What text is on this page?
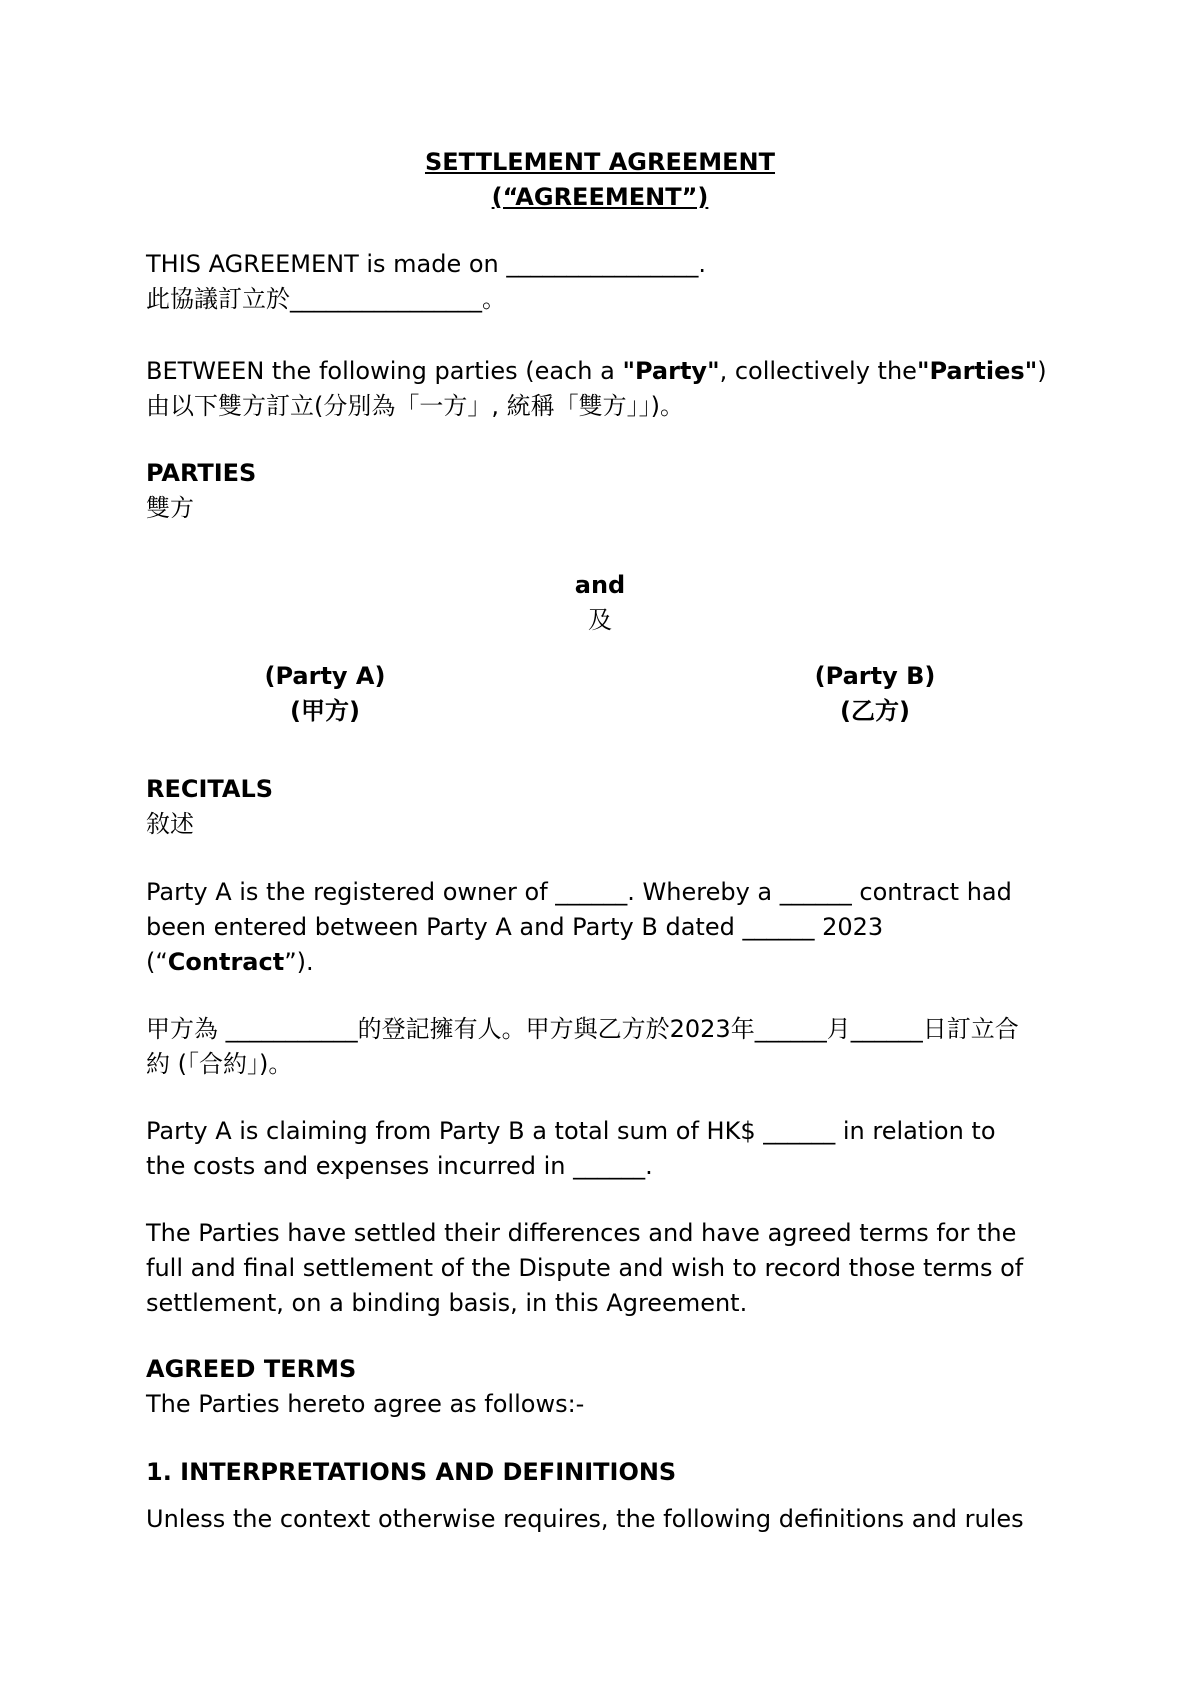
SETTLEMENT AGREEMENT

(“AGREEMENT”)

THIS AGREEMENT is made on ________________.

此協議訂立於________________。

BETWEEN the following parties (each a "Party", collectively the"Parties")

由以下雙方訂立(分別為「一方」, 統稱「雙方」」)。

PARTIES

雙方

and

及

(Party A)

(甲方)

(Party B)

(乙方)

RECITALS

敘述

Party A is the registered owner of ______. Whereby a ______ contract had

been entered between Party A and Party B dated ______ 2023

(“Contract”).

甲方為 ___________的登記擁有人。甲方與乙方於2023年______月______日訂立合

約 (「合約」)。

Party A is claiming from Party B a total sum of HK$ ______ in relation to

the costs and expenses incurred in ______.

The Parties have settled their differences and have agreed terms for the

full and final settlement of the Dispute and wish to record those terms of

settlement, on a binding basis, in this Agreement.

AGREED TERMS

The Parties hereto agree as follows:-

1. INTERPRETATIONS AND DEFINITIONS

Unless the context otherwise requires, the following definitions and rules
